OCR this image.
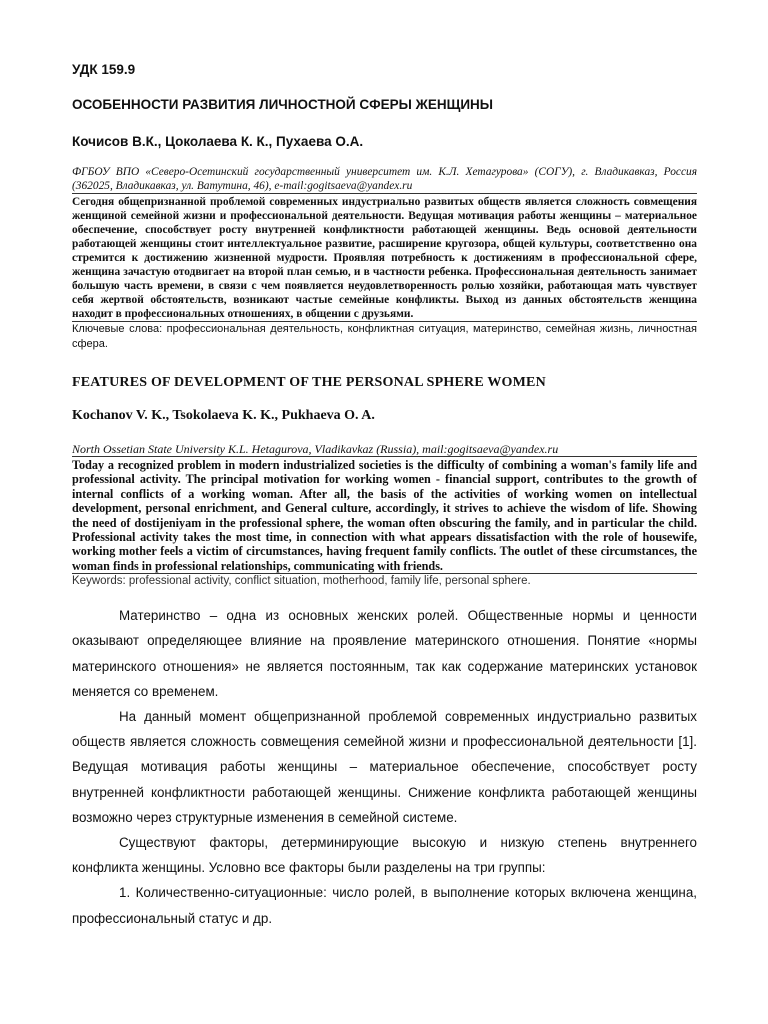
УДК 159.9
ОСОБЕННОСТИ РАЗВИТИЯ ЛИЧНОСТНОЙ СФЕРЫ ЖЕНЩИНЫ
Кочисов В.К., Цоколаева К. К., Пухаева О.А.
ФГБОУ ВПО «Северо-Осетинский государственный университет им. К.Л. Хетагурова» (СОГУ), г. Владикавказ, Россия (362025, Владикавказ, ул. Ватутина, 46), e-mail:gogitsaeva@yandex.ru
Сегодня общепризнанной проблемой современных индустриально развитых обществ является сложность совмещения женщиной семейной жизни и профессиональной деятельности. Ведущая мотивация работы женщины – материальное обеспечение, способствует росту внутренней конфликтности работающей женщины. Ведь основой деятельности работающей женщины стоит интеллектуальное развитие, расширение кругозора, общей культуры, соответственно она стремится к достижению жизненной мудрости. Проявляя потребность к достижениям в профессиональной сфере, женщина зачастую отодвигает на второй план семью, и в частности ребенка. Профессиональная деятельность занимает большую часть времени, в связи с чем появляется неудовлетворенность ролью хозяйки, работающая мать чувствует себя жертвой обстоятельств, возникают частые семейные конфликты. Выход из данных обстоятельств женщина находит в профессиональных отношениях, в общении с друзьями.
Ключевые слова: профессиональная деятельность, конфликтная ситуация, материнство, семейная жизнь, личностная сфера.
FEATURES OF DEVELOPMENT OF THE PERSONAL SPHERE WOMEN
Kochanov V. K., Tsokolaeva K. K., Pukhaeva O. A.
North Ossetian State University K.L. Hetagurova, Vladikavkaz (Russia), mail:gogitsaeva@yandex.ru
Today a recognized problem in modern industrialized societies is the difficulty of combining a woman's family life and professional activity. The principal motivation for working women - financial support, contributes to the growth of internal conflicts of a working woman. After all, the basis of the activities of working women on intellectual development, personal enrichment, and General culture, accordingly, it strives to achieve the wisdom of life. Showing the need of dostijeniyam in the professional sphere, the woman often obscuring the family, and in particular the child. Professional activity takes the most time, in connection with what appears dissatisfaction with the role of housewife, working mother feels a victim of circumstances, having frequent family conflicts. The outlet of these circumstances, the woman finds in professional relationships, communicating with friends.
Keywords: professional activity, conflict situation, motherhood, family life, personal sphere.

Материнство – одна из основных женских ролей. Общественные нормы и ценности оказывают определяющее влияние на проявление материнского отношения. Понятие «нормы материнского отношения» не является постоянным, так как содержание материнских установок меняется со временем.

На данный момент общепризнанной проблемой современных индустриально развитых обществ является сложность совмещения семейной жизни и профессиональной деятельности [1]. Ведущая мотивация работы женщины – материальное обеспечение, способствует росту внутренней конфликтности работающей женщины. Снижение конфликта работающей женщины возможно через структурные изменения в семейной системе.

Существуют факторы, детерминирующие высокую и низкую степень внутреннего конфликта женщины. Условно все факторы были разделены на три группы:

1. Количественно-ситуационные: число ролей, в выполнение которых включена женщина, профессиональный статус и др.
